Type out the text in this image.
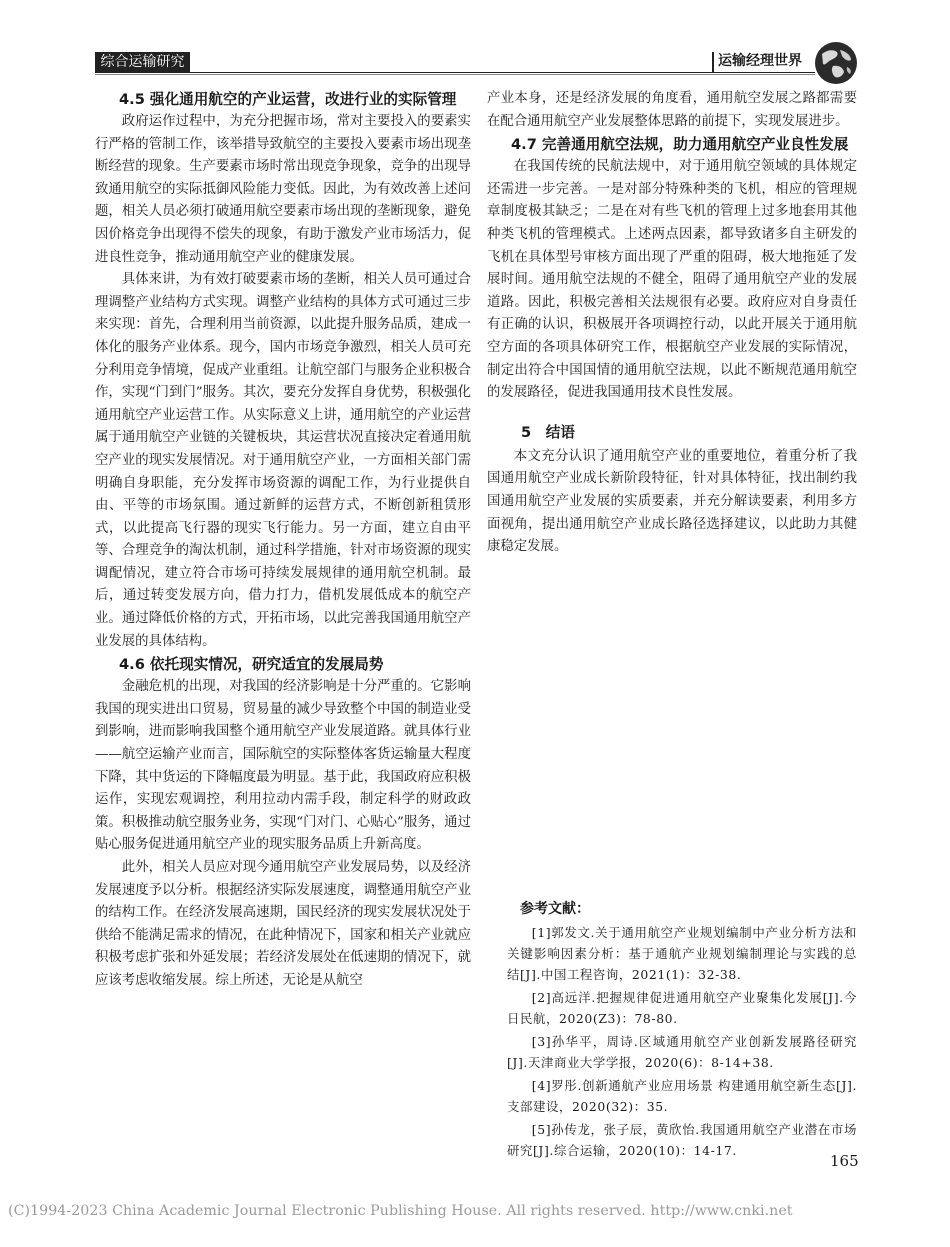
综合运输研究	运输经理世界

4.5 强化通用航空的产业运营，改进行业的实际管理

政府运作过程中，为充分把握市场，常对主要投入的要素实行严格的管制工作，该举措导致航空的主要投入要素市场出现垄断经营的现象。生产要素市场时常出现竞争现象，竞争的出现导致通用航空的实际抵御风险能力变低。因此，为有效改善上述问题，相关人员必须打破通用航空要素市场出现的垄断现象，避免因价格竞争出现得不偿失的现象，有助于激发产业市场活力，促进良性竞争，推动通用航空产业的健康发展。

具体来讲，为有效打破要素市场的垄断，相关人员可通过合理调整产业结构方式实现。调整产业结构的具体方式可通过三步来实现：首先，合理利用当前资源，以此提升服务品质，建成一体化的服务产业体系。现今，国内市场竞争激烈，相关人员可充分利用竞争情境，促成产业重组。让航空部门与服务企业积极合作，实现“门到门”服务。其次，要充分发挥自身优势，积极强化通用航空产业运营工作。从实际意义上讲，通用航空的产业运营属于通用航空产业链的关键板块，其运营状况直接决定着通用航空产业的现实发展情况。对于通用航空产业，一方面相关部门需明确自身职能，充分发挥市场资源的调配工作，为行业提供自由、平等的市场氛围。通过新鲜的运营方式，不断创新租赁形式，以此提高飞行器的现实飞行能力。另一方面，建立自由平等、合理竞争的淘汰机制，通过科学措施，针对市场资源的现实调配情况，建立符合市场可持续发展规律的通用航空机制。最后，通过转变发展方向，借力打力，借机发展低成本的航空产业。通过降低价格的方式，开拓市场，以此完善我国通用航空产业发展的具体结构。

4.6 依托现实情况，研究适宜的发展局势

金融危机的出现，对我国的经济影响是十分严重的。它影响我国的现实进出口贸易，贸易量的减少导致整个中国的制造业受到影响，进而影响我国整个通用航空产业发展道路。就具体行业——航空运输产业而言，国际航空的实际整体客货运输量大程度下降，其中货运的下降幅度最为明显。基于此，我国政府应积极运作，实现宏观调控，利用拉动内需手段，制定科学的财政政策。积极推动航空服务业务，实现“门对门、心贴心”服务，通过贴心服务促进通用航空产业的现实服务品质上升新高度。

此外，相关人员应对现今通用航空产业发展局势，以及经济发展速度予以分析。根据经济实际发展速度，调整通用航空产业的结构工作。在经济发展高速期，国民经济的现实发展状况处于供给不能满足需求的情况，在此种情况下，国家和相关产业就应积极考虑扩张和外延发展；若经济发展处在低速期的情况下，就应该考虑收缩发展。综上所述，无论是从航空

产业本身，还是经济发展的角度看，通用航空发展之路都需要在配合通用航空产业发展整体思路的前提下，实现发展进步。

4.7 完善通用航空法规，助力通用航空产业良性发展

在我国传统的民航法规中，对于通用航空领域的具体规定还需进一步完善。一是对部分特殊种类的飞机，相应的管理规章制度极其缺乏；二是在对有些飞机的管理上过多地套用其他种类飞机的管理模式。上述两点因素，都导致诸多自主研发的飞机在具体型号审核方面出现了严重的阻碍，极大地拖延了发展时间。通用航空法规的不健全，阻碍了通用航空产业的发展道路。因此，积极完善相关法规很有必要。政府应对自身责任有正确的认识，积极展开各项调控行动，以此开展关于通用航空方面的各项具体研究工作，根据航空产业发展的实际情况，制定出符合中国国情的通用航空法规，以此不断规范通用航空的发展路径，促进我国通用技术良性发展。

5　结语

本文充分认识了通用航空产业的重要地位，着重分析了我国通用航空产业成长新阶段特征，针对具体特征，找出制约我国通用航空产业发展的实质要素，并充分解读要素，利用多方面视角，提出通用航空产业成长路径选择建议，以此助力其健康稳定发展。

参考文献：

[1]郭发文.关于通用航空产业规划编制中产业分析方法和关键影响因素分析：基于通航产业规划编制理论与实践的总结[J].中国工程咨询，2021(1)：32-38.

[2]高远洋.把握规律促进通用航空产业聚集化发展[J].今日民航，2020(Z3)：78-80.

[3]孙华平，周诗.区域通用航空产业创新发展路径研究[J].天津商业大学学报，2020(6)：8-14+38.

[4]罗彤.创新通航产业应用场景 构建通用航空新生态[J].支部建设，2020(32)：35.

[5]孙传龙，张子辰，黄欣怡.我国通用航空产业潜在市场研究[J].综合运输，2020(10)：14-17.

165
(C)1994-2023 China Academic Journal Electronic Publishing House. All rights reserved. http://www.cnki.net
